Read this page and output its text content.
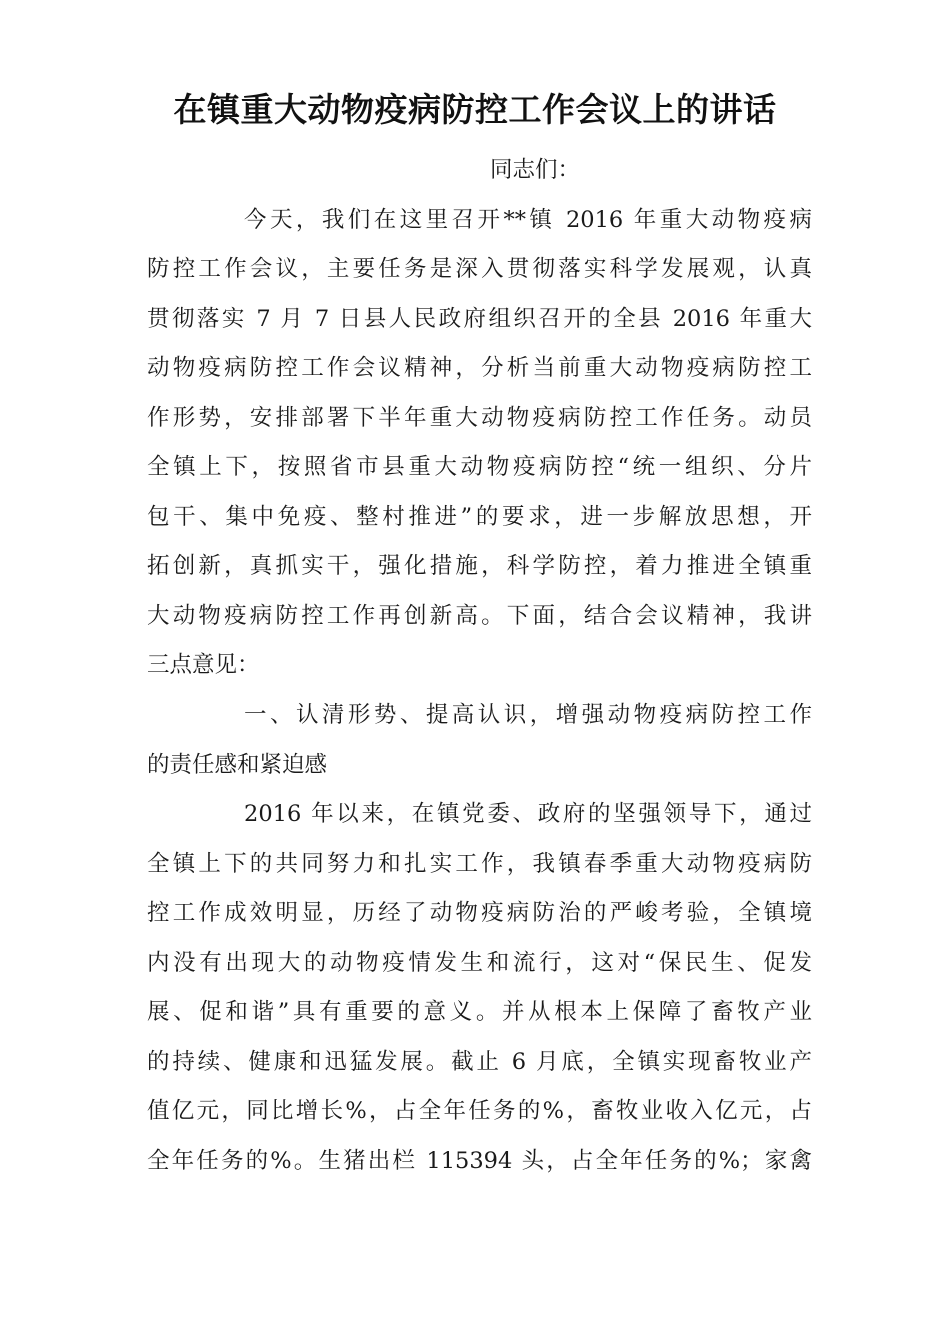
在镇重大动物疫病防控工作会议上的讲话
同志们：
今天，我们在这里召开**镇 2016 年重大动物疫病
防控工作会议，主要任务是深入贯彻落实科学发展观，认真
贯彻落实 7 月 7 日县人民政府组织召开的全县 2016 年重大
动物疫病防控工作会议精神，分析当前重大动物疫病防控工
作形势，安排部署下半年重大动物疫病防控工作任务。动员
全镇上下，按照省市县重大动物疫病防控“统一组织、分片
包干、集中免疫、整村推进”的要求，进一步解放思想，开
拓创新，真抓实干，强化措施，科学防控，着力推进全镇重
大动物疫病防控工作再创新高。下面，结合会议精神，我讲
三点意见：
一、认清形势、提高认识，增强动物疫病防控工作
的责任感和紧迫感
2016 年以来，在镇党委、政府的坚强领导下，通过
全镇上下的共同努力和扎实工作，我镇春季重大动物疫病防
控工作成效明显，历经了动物疫病防治的严峻考验，全镇境
内没有出现大的动物疫情发生和流行，这对“保民生、促发
展、促和谐”具有重要的意义。并从根本上保障了畜牧产业
的持续、健康和迅猛发展。截止 6 月底，全镇实现畜牧业产
值亿元，同比增长%，占全年任务的%，畜牧业收入亿元，占
全年任务的%。生猪出栏 115394 头，占全年任务的%；家禽
